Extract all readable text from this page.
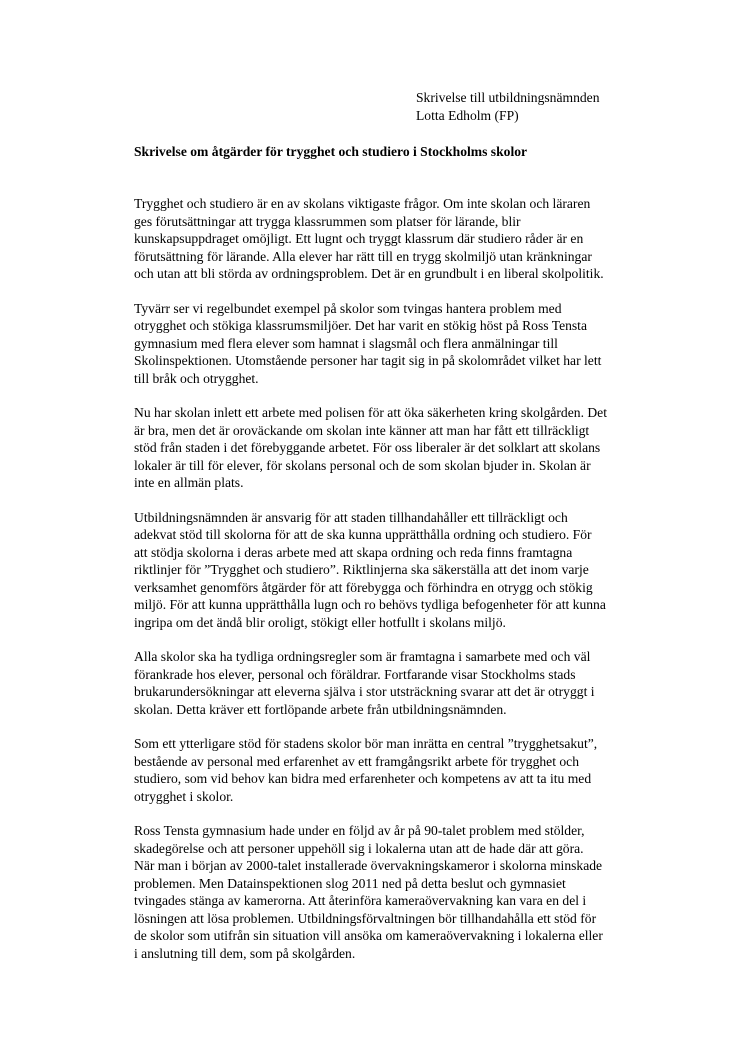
Skrivelse till utbildningsnämnden
Lotta Edholm (FP)
Skrivelse om åtgärder för trygghet och studiero i Stockholms skolor

Trygghet och studiero är en av skolans viktigaste frågor. Om inte skolan och läraren
ges förutsättningar att trygga klassrummen som platser för lärande, blir
kunskapsuppdraget omöjligt. Ett lugnt och tryggt klassrum där studiero råder är en
förutsättning för lärande. Alla elever har rätt till en trygg skolmiljö utan kränkningar
och utan att bli störda av ordningsproblem. Det är en grundbult i en liberal skolpolitik.

Tyvärr ser vi regelbundet exempel på skolor som tvingas hantera problem med
otrygghet och stökiga klassrumsmiljöer. Det har varit en stökig höst på Ross Tensta
gymnasium med flera elever som hamnat i slagsmål och flera anmälningar till
Skolinspektionen. Utomstående personer har tagit sig in på skolområdet vilket har lett
till bråk och otrygghet.

Nu har skolan inlett ett arbete med polisen för att öka säkerheten kring skolgården. Det
är bra, men det är oroväckande om skolan inte känner att man har fått ett tillräckligt
stöd från staden i det förebyggande arbetet. För oss liberaler är det solklart att skolans
lokaler är till för elever, för skolans personal och de som skolan bjuder in. Skolan är
inte en allmän plats.

Utbildningsnämnden är ansvarig för att staden tillhandahåller ett tillräckligt och
adekvat stöd till skolorna för att de ska kunna upprätthålla ordning och studiero. För
att stödja skolorna i deras arbete med att skapa ordning och reda finns framtagna
riktlinjer för ”Trygghet och studiero”. Riktlinjerna ska säkerställa att det inom varje
verksamhet genomförs åtgärder för att förebygga och förhindra en otrygg och stökig
miljö. För att kunna upprätthålla lugn och ro behövs tydliga befogenheter för att kunna
ingripa om det ändå blir oroligt, stökigt eller hotfullt i skolans miljö.

Alla skolor ska ha tydliga ordningsregler som är framtagna i samarbete med och väl
förankrade hos elever, personal och föräldrar. Fortfarande visar Stockholms stads
brukarundersökningar att eleverna själva i stor utsträckning svarar att det är otryggt i
skolan. Detta kräver ett fortlöpande arbete från utbildningsnämnden.

Som ett ytterligare stöd för stadens skolor bör man inrätta en central ”trygghetsakut”,
bestående av personal med erfarenhet av ett framgångsrikt arbete för trygghet och
studiero, som vid behov kan bidra med erfarenheter och kompetens av att ta itu med
otrygghet i skolor.

Ross Tensta gymnasium hade under en följd av år på 90-talet problem med stölder,
skadegörelse och att personer uppehöll sig i lokalerna utan att de hade där att göra.
När man i början av 2000-talet installerade övervakningskameror i skolorna minskade
problemen. Men Datainspektionen slog 2011 ned på detta beslut och gymnasiet
tvingades stänga av kamerorna. Att återinföra kameraövervakning kan vara en del i
lösningen att lösa problemen. Utbildningsförvaltningen bör tillhandahålla ett stöd för
de skolor som utifrån sin situation vill ansöka om kameraövervakning i lokalerna eller
i anslutning till dem, som på skolgården.
